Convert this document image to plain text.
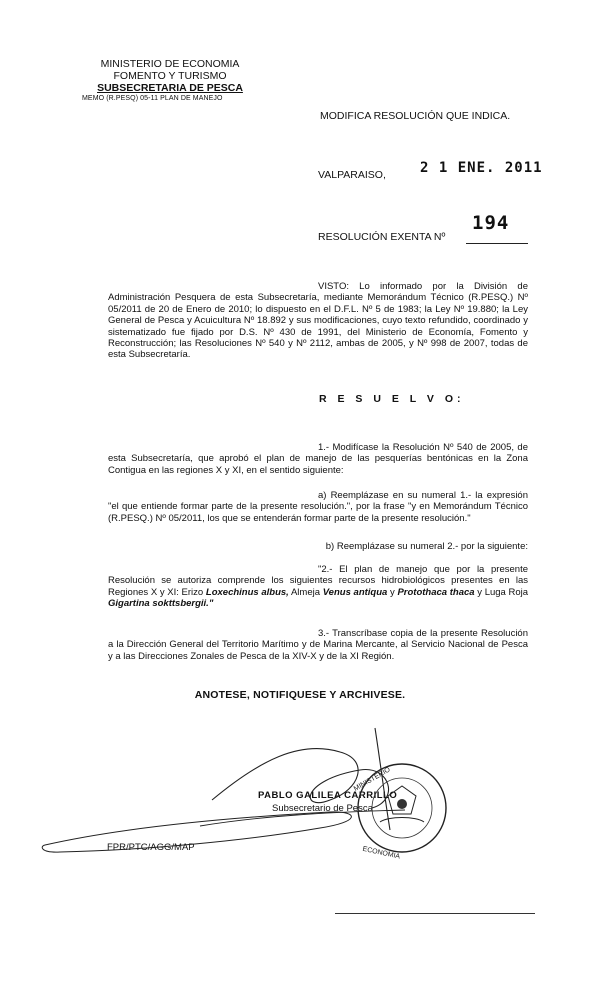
MINISTERIO DE ECONOMIA
FOMENTO Y TURISMO
SUBSECRETARIA DE PESCA
MEMO (R.PESQ) 05-11 PLAN DE MANEJO
MODIFICA RESOLUCIÓN QUE INDICA.
VALPARAISO, 2 1 ENE. 2011
RESOLUCIÓN EXENTA Nº
194
VISTO: Lo informado por la División de Administración Pesquera de esta Subsecretaría, mediante Memorándum Técnico (R.PESQ.) Nº 05/2011 de 20 de Enero de 2010; lo dispuesto en el D.F.L. Nº 5 de 1983; la Ley Nº 19.880; la Ley General de Pesca y Acuicultura Nº 18.892 y sus modificaciones, cuyo texto refundido, coordinado y sistematizado fue fijado por D.S. Nº 430 de 1991, del Ministerio de Economía, Fomento y Reconstrucción; las Resoluciones Nº 540 y Nº 2112, ambas de 2005, y Nº 998 de 2007, todas de esta Subsecretaría.
R E S U E L V O:
1.- Modifícase la Resolución Nº 540 de 2005, de esta Subsecretaría, que aprobó el plan de manejo de las pesquerías bentónicas en la Zona Contigua en las regiones X y XI, en el sentido siguiente:
a) Reemplázase en su numeral 1.- la expresión "el que entiende formar parte de la presente resolución.", por la frase "y en Memorándum Técnico (R.PESQ.) Nº 05/2011, los que se entenderán formar parte de la presente resolución."
b) Reemplázase su numeral 2.- por la siguiente:
"2.- El plan de manejo que por la presente Resolución se autoriza comprende los siguientes recursos hidrobiológicos presentes en las Regiones X y XI: Erizo Loxechinus albus, Almeja Venus antiqua y Protothaca thaca y Luga Roja Gigartina sokttsbergii."
3.- Transcríbase copia de la presente Resolución a la Dirección General del Territorio Marítimo y de Marina Mercante, al Servicio Nacional de Pesca y a las Direcciones Zonales de Pesca de la XIV-X y de la XI Región.
ANOTESE, NOTIFIQUESE Y ARCHIVESE.
PABLO GALILEA CARRILLO
Subsecretario de Pesca
FPR/PTC/AGG/MAP
MINISTERIO
ECONOMIA
